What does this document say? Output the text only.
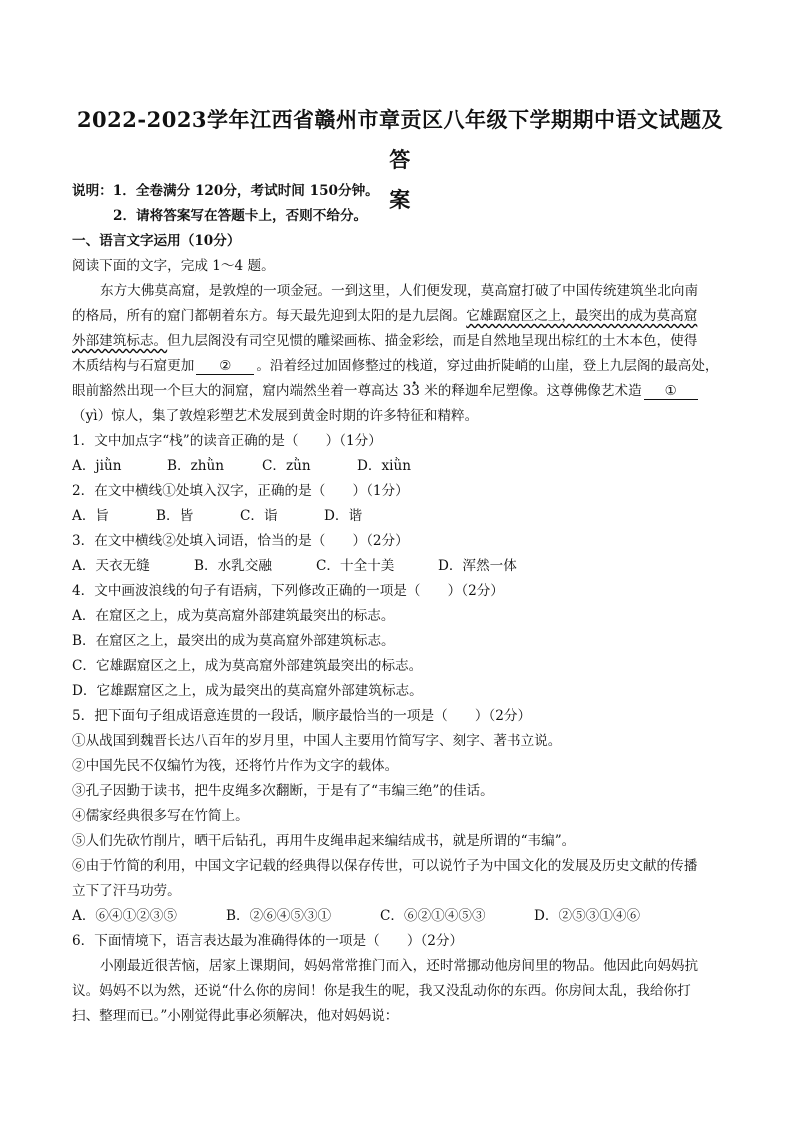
2022-2023学年江西省赣州市章贡区八年级下学期期中语文试题及答
案
说明：1．全卷满分 120分，考试时间 150分钟。
2．请将答案写在答题卡上，否则不给分。
一、语言文字运用（10分）
阅读下面的文字，完成 1～4 题。
东方大佛莫高窟，是敦煌的一项金冠。一到这里，人们便发现，莫高窟打破了中国传统建筑坐北向南
的格局，所有的窟门都朝着东方。每天最先迎到太阳的是九层阁。它雄踞窟区之上，最突出的成为莫高窟
外部建筑标志。但九层阁没有司空见惯的雕梁画栋、描金彩绘，而是自然地呈现出棕红的土木本色，使得
木质结构与石窟更加 ② 。沿着经过加固修整过的栈道，穿过曲折陡峭的山崖，登上九层阁的最高处，
眼前豁然出现一个巨大的洞窟，窟内端然坐着一尊高达 33 米的释迦牟尼塑像。这尊佛像艺术造 ①
（yì）惊人，集了敦煌彩塑艺术发展到黄金时期的许多特征和精粹。
1．文中加点字“栈”的读音正确的是（　　）（1分）
A．jiǜn	B．zhǜn	C．zǜn	D．xiǜn
2．在文中横线①处填入汉字，正确的是（　　）（1分）
A．旨	B．皆	C．诣	D．谐
3．在文中横线②处填入词语，恰当的是（　　）（2分）
A．天衣无缝	B．水乳交融	C．十全十美	D．浑然一体
4．文中画波浪线的句子有语病，下列修改正确的一项是（　　）（2分）
A．在窟区之上，成为莫高窟外部建筑最突出的标志。
B．在窟区之上，最突出的成为莫高窟外部建筑标志。
C．它雄踞窟区之上，成为莫高窟外部建筑最突出的标志。
D．它雄踞窟区之上，成为最突出的莫高窟外部建筑标志。
5．把下面句子组成语意连贯的一段话，顺序最恰当的一项是（　　）（2分）
①从战国到魏晋长达八百年的岁月里，中国人主要用竹简写字、刻字、著书立说。
②中国先民不仅编竹为筏，还将竹片作为文字的载体。
③孔子因勤于读书，把牛皮绳多次翻断，于是有了“韦编三绝”的佳话。
④儒家经典很多写在竹简上。
⑤人们先砍竹削片，晒干后钻孔，再用牛皮绳串起来编结成书，就是所谓的“韦编”。
⑥由于竹简的利用，中国文字记载的经典得以保存传世，可以说竹子为中国文化的发展及历史文献的传播
立下了汗马功劳。
A．⑥④①②③⑤	B．②⑥④⑤③①	C．⑥②①④⑤③	D．②⑤③①④⑥
6．下面情境下，语言表达最为准确得体的一项是（　　）（2分）
小刚最近很苦恼，居家上课期间，妈妈常常推门而入，还时常挪动他房间里的物品。他因此向妈妈抗
议。妈妈不以为然，还说“什么你的房间！你是我生的呢，我又没乱动你的东西。你房间太乱，我给你打
扫、整理而已。”小刚觉得此事必须解决，他对妈妈说：
